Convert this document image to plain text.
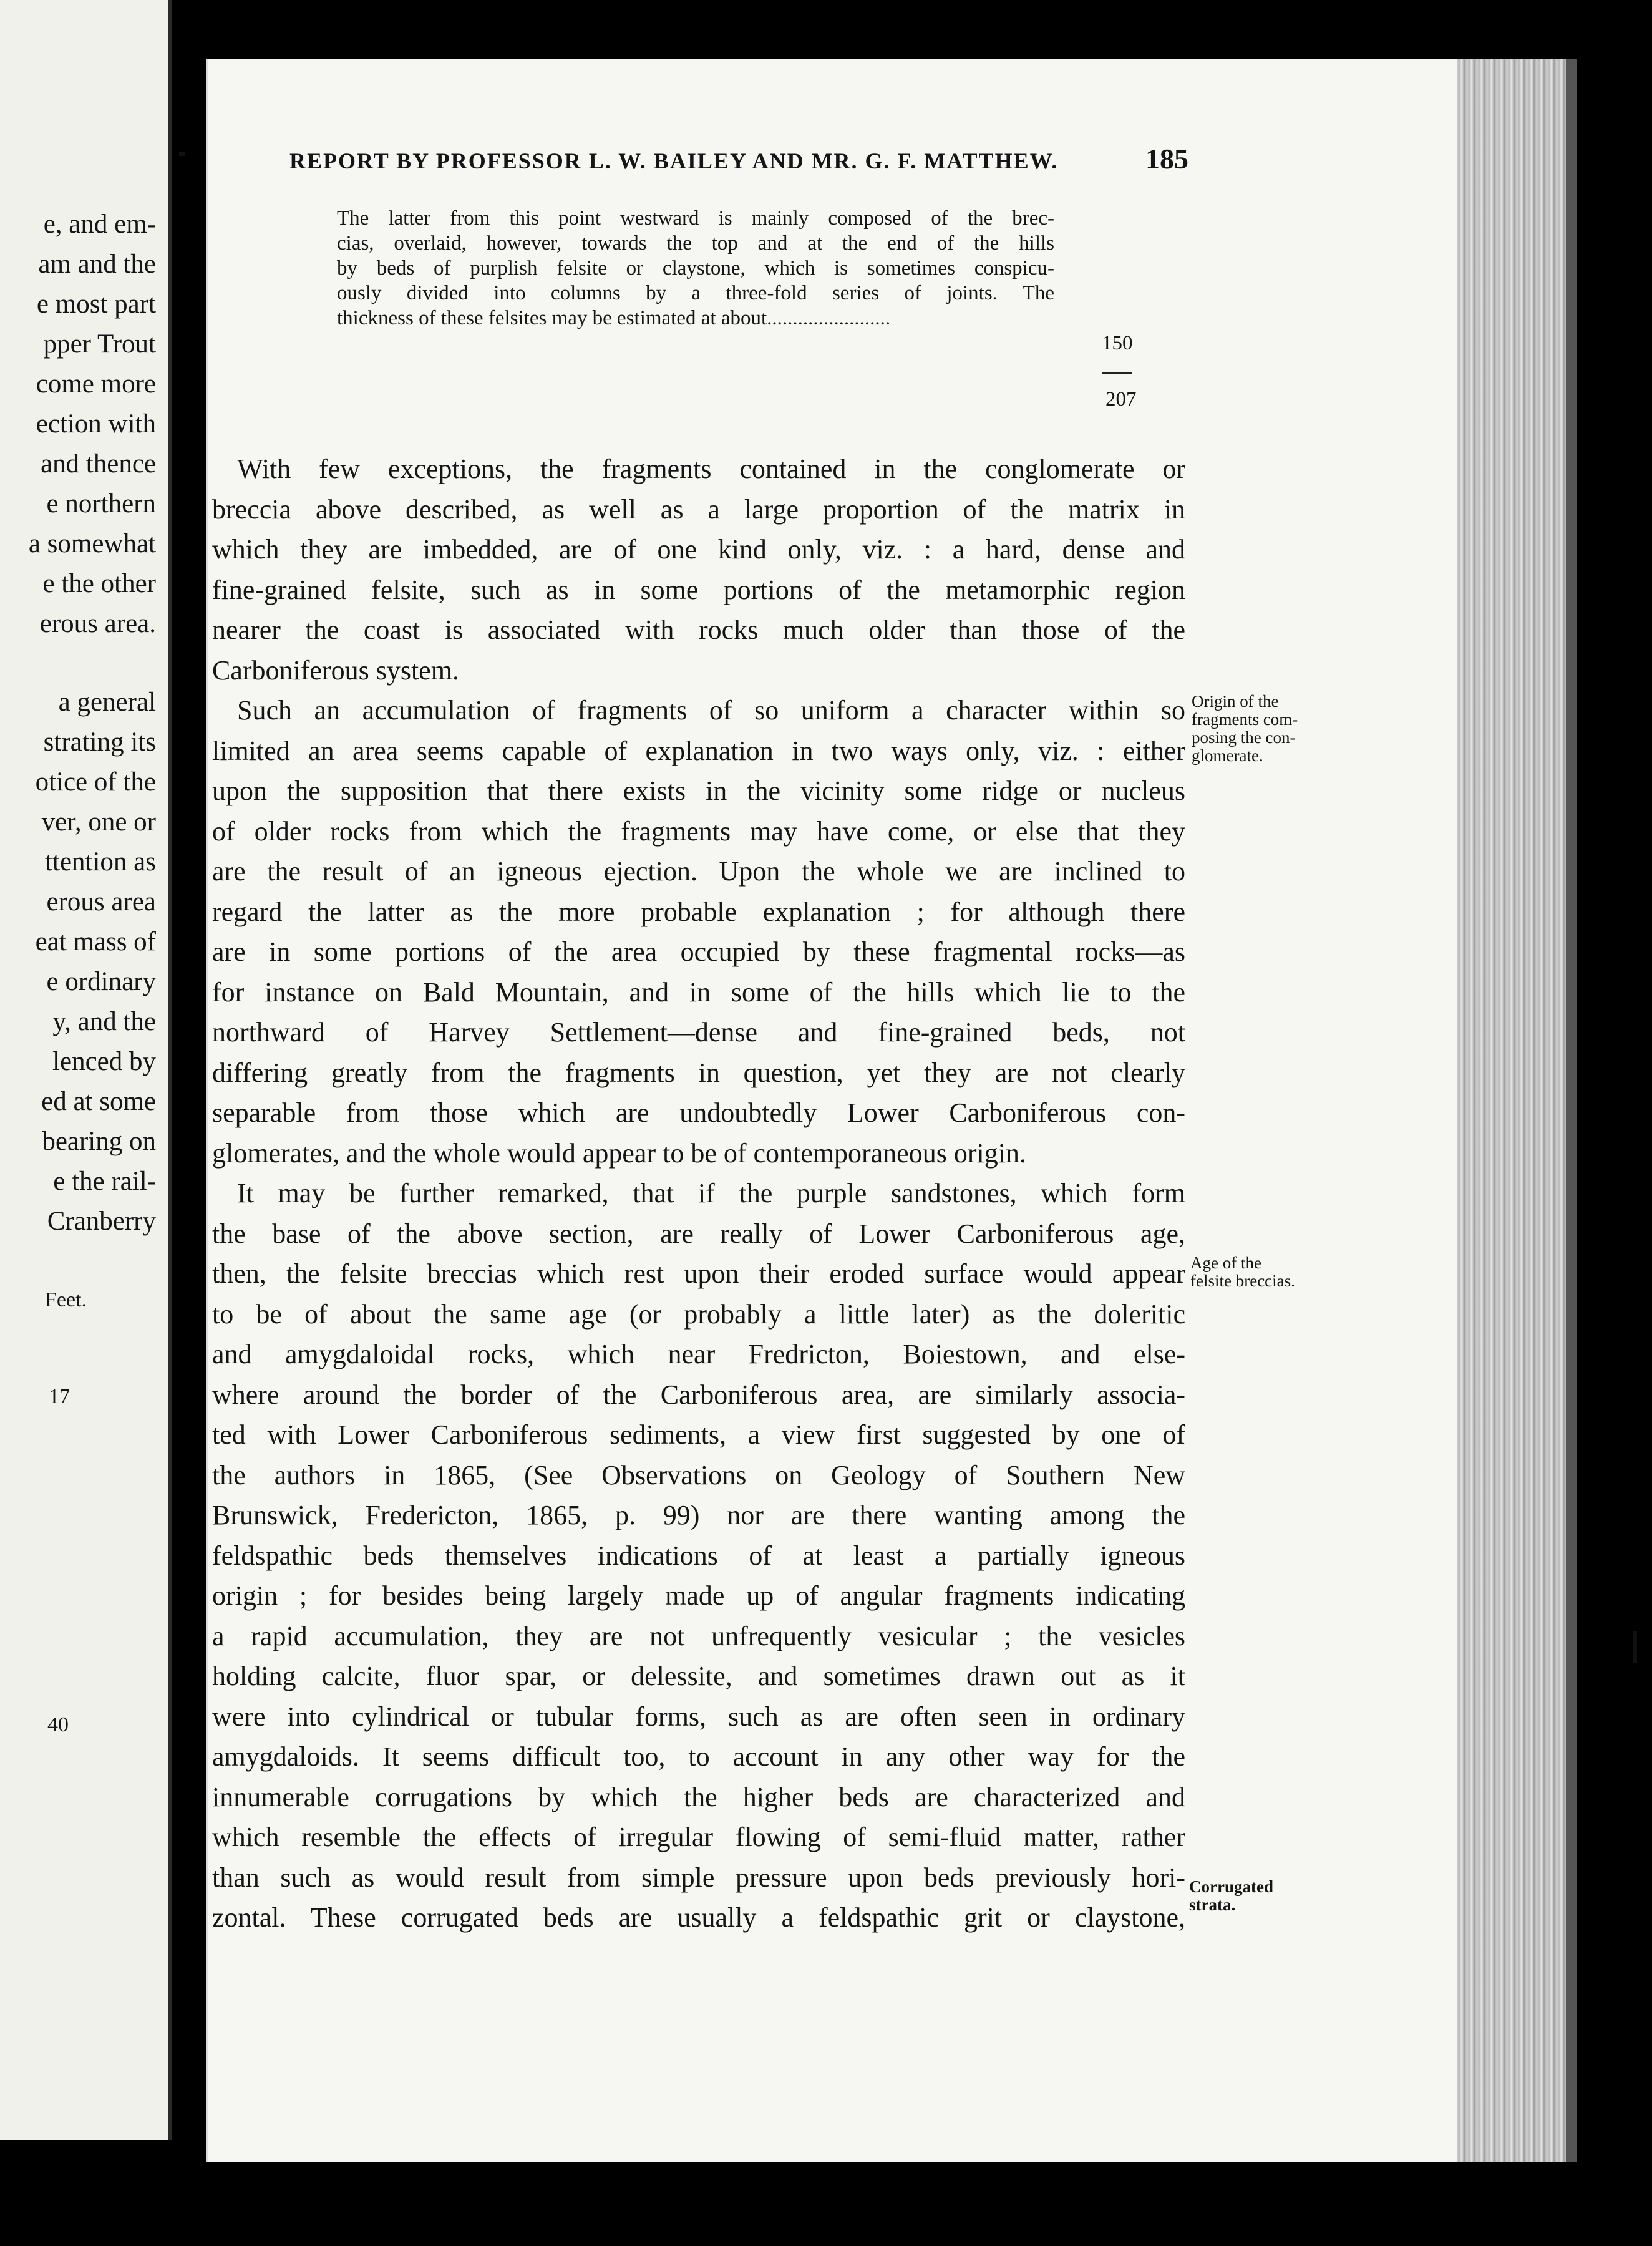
e, and em-
am and the
e most part
pper Trout
come more
ection with
and thence
e northern
a somewhat
e the other
erous area.
a general
strating its
otice of the
ver, one or
ttention as
erous area
eat mass of
e ordinary
y, and the
lenced by
ed at some
bearing on
e the rail-
Cranberry
Feet.
17
40
REPORT BY PROFESSOR L. W. BAILEY AND MR. G. F. MATTHEW.	185
The latter from this point westward is mainly composed of the brec-
cias, overlaid, however, towards the top and at the end of the hills
by beds of purplish felsite or claystone, which is sometimes conspicu-
ously divided into columns by a three-fold series of joints. The
thickness of these felsites may be estimated at about........................
150
207
With few exceptions, the fragments contained in the conglomerate or
breccia above described, as well as a large proportion of the matrix in
which they are imbedded, are of one kind only, viz. : a hard, dense and
fine-grained felsite, such as in some portions of the metamorphic region
nearer the coast is associated with rocks much older than those of the
Carboniferous system.
Such an accumulation of fragments of so uniform a character within so
limited an area seems capable of explanation in two ways only, viz. : either
upon the supposition that there exists in the vicinity some ridge or nucleus
of older rocks from which the fragments may have come, or else that they
are the result of an igneous ejection. Upon the whole we are inclined to
regard the latter as the more probable explanation ; for although there
are in some portions of the area occupied by these fragmental rocks—as
for instance on Bald Mountain, and in some of the hills which lie to the
northward of Harvey Settlement—dense and fine-grained beds, not
differing greatly from the fragments in question, yet they are not clearly
separable from those which are undoubtedly Lower Carboniferous con-
glomerates, and the whole would appear to be of contemporaneous origin.
It may be further remarked, that if the purple sandstones, which form
the base of the above section, are really of Lower Carboniferous age,
then, the felsite breccias which rest upon their eroded surface would appear
to be of about the same age (or probably a little later) as the doleritic
and amygdaloidal rocks, which near Fredricton, Boiestown, and else-
where around the border of the Carboniferous area, are similarly associa-
ted with Lower Carboniferous sediments, a view first suggested by one of
the authors in 1865, (See Observations on Geology of Southern New
Brunswick, Fredericton, 1865, p. 99) nor are there wanting among the
feldspathic beds themselves indications of at least a partially igneous
origin ; for besides being largely made up of angular fragments indicating
a rapid accumulation, they are not unfrequently vesicular ; the vesicles
holding calcite, fluor spar, or delessite, and sometimes drawn out as it
were into cylindrical or tubular forms, such as are often seen in ordinary
amygdaloids. It seems difficult too, to account in any other way for the
innumerable corrugations by which the higher beds are characterized and
which resemble the effects of irregular flowing of semi-fluid matter, rather
than such as would result from simple pressure upon beds previously hori-
zontal. These corrugated beds are usually a feldspathic grit or claystone,
Origin of the
fragments com-
posing the con-
glomerate.
Age of the
felsite breccias.
Corrugated
strata.
